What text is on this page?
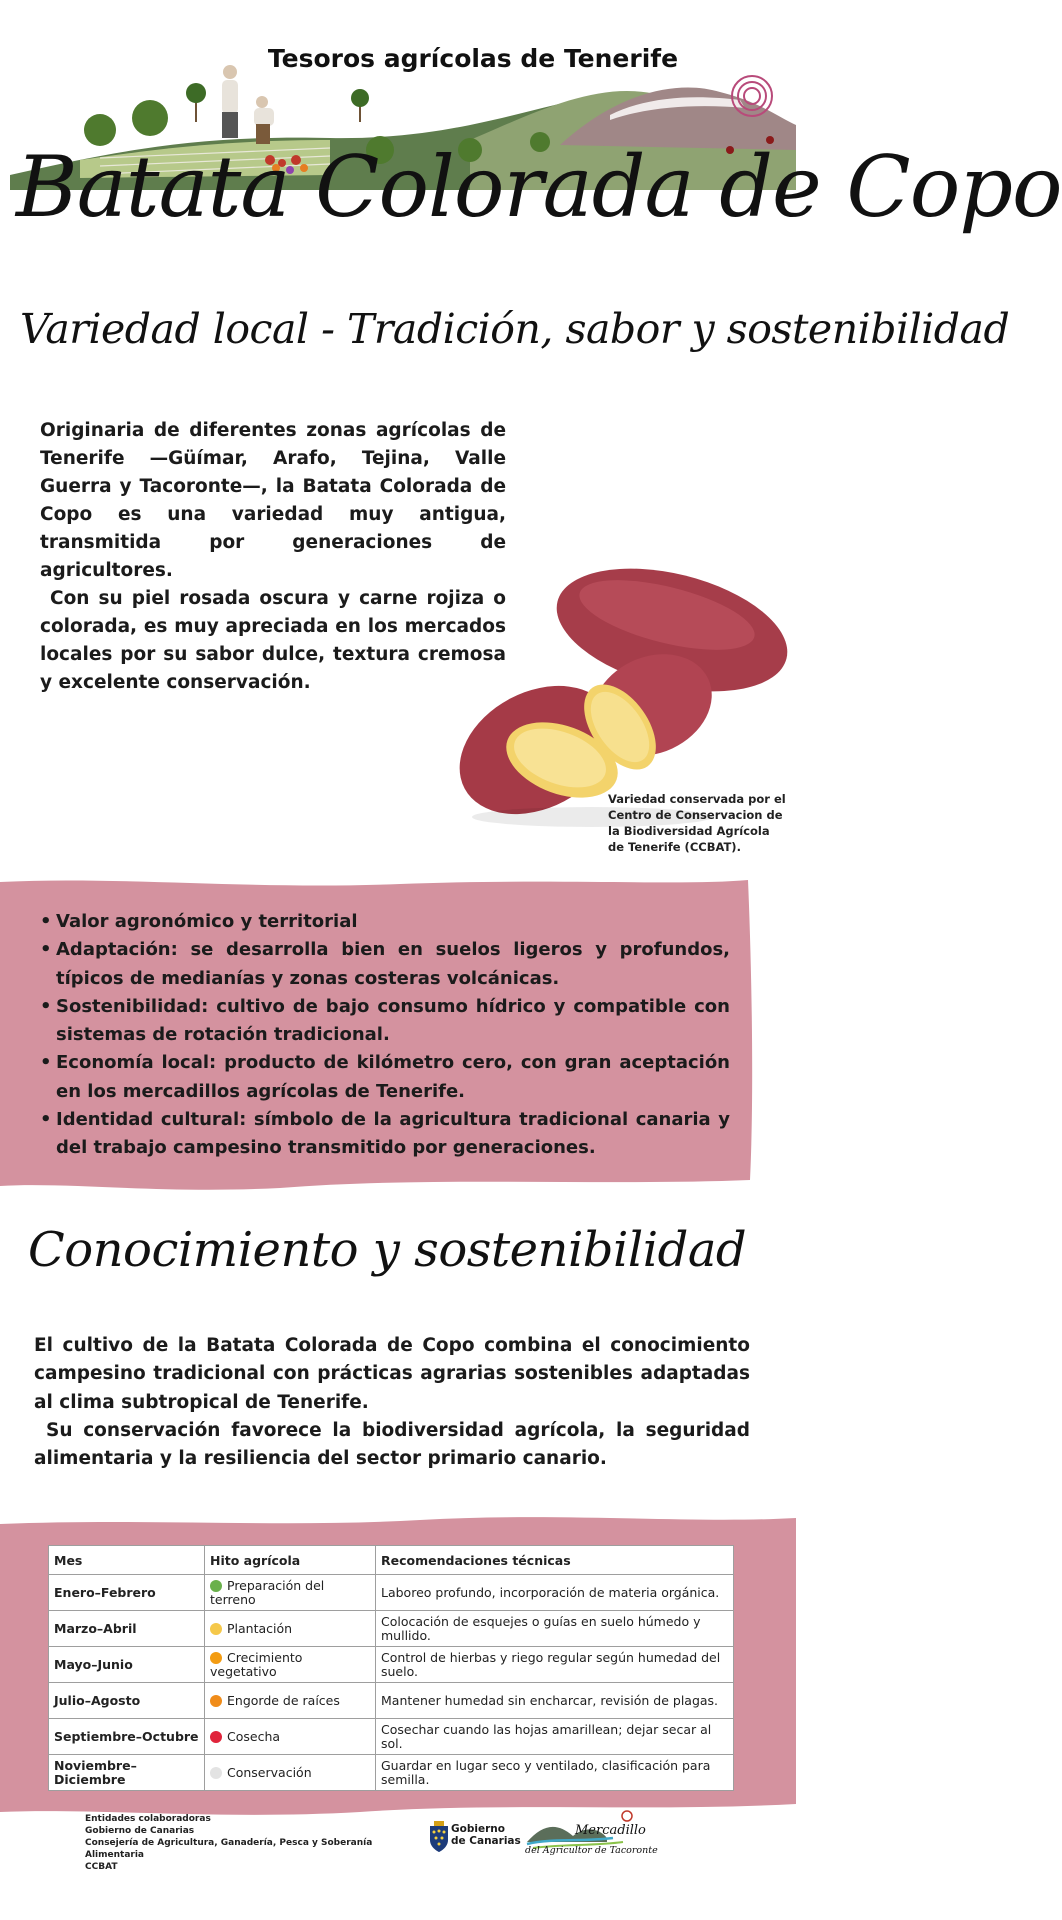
Tesoros agrícolas de Tenerife
Batata Colorada de Copo
Variedad local - Tradición, sabor y sostenibilidad

Originaria de diferentes zonas agrícolas de Tenerife —Güímar, Arafo, Tejina, Valle Guerra y Tacoronte—, la Batata Colorada de Copo es una variedad muy antigua, transmitida por generaciones de agricultores.

Con su piel rosada oscura y carne rojiza o colorada, es muy apreciada en los mercados locales por su sabor dulce, textura cremosa y excelente conservación.

Variedad conservada por el Centro de Conservacion de la Biodiversidad Agrícola de Tenerife (CCBAT).
• Valor agronómico y territorial
• Adaptación: se desarrolla bien en suelos ligeros y profundos, típicos de medianías y zonas costeras volcánicas.
• Sostenibilidad: cultivo de bajo consumo hídrico y compatible con sistemas de rotación tradicional.
• Economía local: producto de kilómetro cero, con gran aceptación en los mercadillos agrícolas de Tenerife.
• Identidad cultural: símbolo de la agricultura tradicional canaria y del trabajo campesino transmitido por generaciones.
Conocimiento y sostenibilidad

El cultivo de la Batata Colorada de Copo combina el conocimiento campesino tradicional con prácticas agrarias sostenibles adaptadas al clima subtropical de Tenerife.

Su conservación favorece la biodiversidad agrícola, la seguridad alimentaria y la resiliencia del sector primario canario.

Mes	Hito agrícola	Recomendaciones técnicas
Enero–Febrero	Preparación del terreno	Laboreo profundo, incorporación de materia orgánica.
Marzo–Abril	Plantación	Colocación de esquejes o guías en suelo húmedo y mullido.
Mayo–Junio	Crecimiento vegetativo	Control de hierbas y riego regular según humedad del suelo.
Julio–Agosto	Engorde de raíces	Mantener humedad sin encharcar, revisión de plagas.
Septiembre–Octubre	Cosecha	Cosechar cuando las hojas amarillean; dejar secar al sol.
Noviembre–Diciembre	Conservación	Guardar en lugar seco y ventilado, clasificación para semilla.
Entidades colaboradoras
Gobierno de Canarias
Consejería de Agricultura, Ganadería, Pesca y Soberanía Alimentaria
CCBAT
Gobierno de Canarias
Mercadillo
del Agricultor de Tacoronte
